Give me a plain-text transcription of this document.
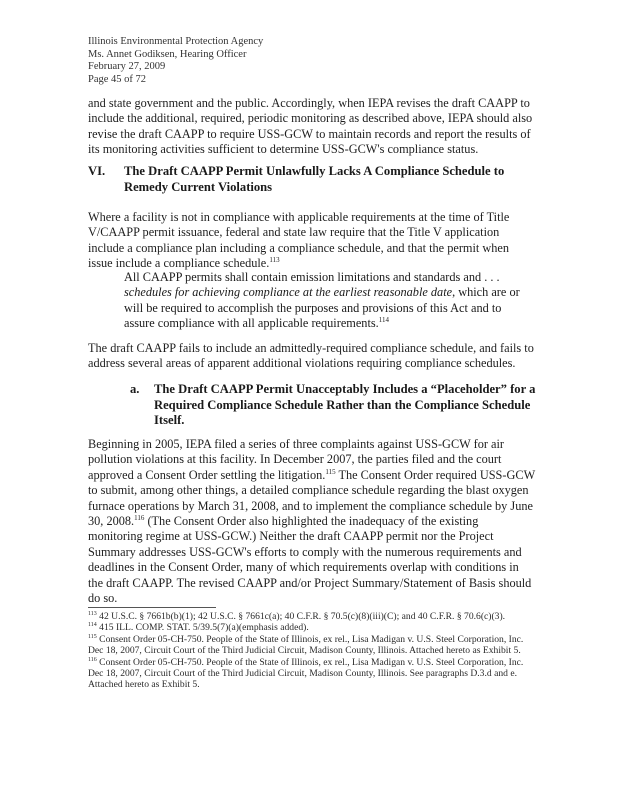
Illinois Environmental Protection Agency
Ms. Annet Godiksen, Hearing Officer
February 27, 2009
Page 45 of 72
and state government and the public. Accordingly, when IEPA revises the draft CAAPP to include the additional, required, periodic monitoring as described above, IEPA should also revise the draft CAAPP to require USS-GCW to maintain records and report the results of its monitoring activities sufficient to determine USS-GCW's compliance status.
VI. The Draft CAAPP Permit Unlawfully Lacks A Compliance Schedule to Remedy Current Violations
Where a facility is not in compliance with applicable requirements at the time of Title V/CAAPP permit issuance, federal and state law require that the Title V application include a compliance plan including a compliance schedule, and that the permit when issue include a compliance schedule.$^{113}$
All CAAPP permits shall contain emission limitations and standards and . . . schedules for achieving compliance at the earliest reasonable date, which are or will be required to accomplish the purposes and provisions of this Act and to assure compliance with all applicable requirements.$^{114}$
The draft CAAPP fails to include an admittedly-required compliance schedule, and fails to address several areas of apparent additional violations requiring compliance schedules.
a. The Draft CAAPP Permit Unacceptably Includes a “Placeholder” for a Required Compliance Schedule Rather than the Compliance Schedule Itself.
Beginning in 2005, IEPA filed a series of three complaints against USS-GCW for air pollution violations at this facility. In December 2007, the parties filed and the court approved a Consent Order settling the litigation.$^{115}$ The Consent Order required USS-GCW to submit, among other things, a detailed compliance schedule regarding the blast oxygen furnace operations by March 31, 2008, and to implement the compliance schedule by June 30, 2008.$^{116}$ (The Consent Order also highlighted the inadequacy of the existing monitoring regime at USS-GCW.) Neither the draft CAAPP permit nor the Project Summary addresses USS-GCW's efforts to comply with the numerous requirements and deadlines in the Consent Order, many of which requirements overlap with conditions in the draft CAAPP. The revised CAAPP and/or Project Summary/Statement of Basis should do so.

$^{113}$ 42 U.S.C. § 7661b(b)(1); 42 U.S.C. § 7661c(a); 40 C.F.R. § 70.5(c)(8)(iii)(C); and 40 C.F.R. § 70.6(c)(3).

$^{114}$ 415 ILL. COMP. STAT. 5/39.5(7)(a)(emphasis added).

$^{115}$ Consent Order 05-CH-750. People of the State of Illinois, ex rel., Lisa Madigan v. U.S. Steel Corporation, Inc. Dec 18, 2007, Circuit Court of the Third Judicial Circuit, Madison County, Illinois. Attached hereto as Exhibit 5.

$^{116}$ Consent Order 05-CH-750. People of the State of Illinois, ex rel., Lisa Madigan v. U.S. Steel Corporation, Inc. Dec 18, 2007, Circuit Court of the Third Judicial Circuit, Madison County, Illinois. See paragraphs D.3.d and e. Attached hereto as Exhibit 5.
